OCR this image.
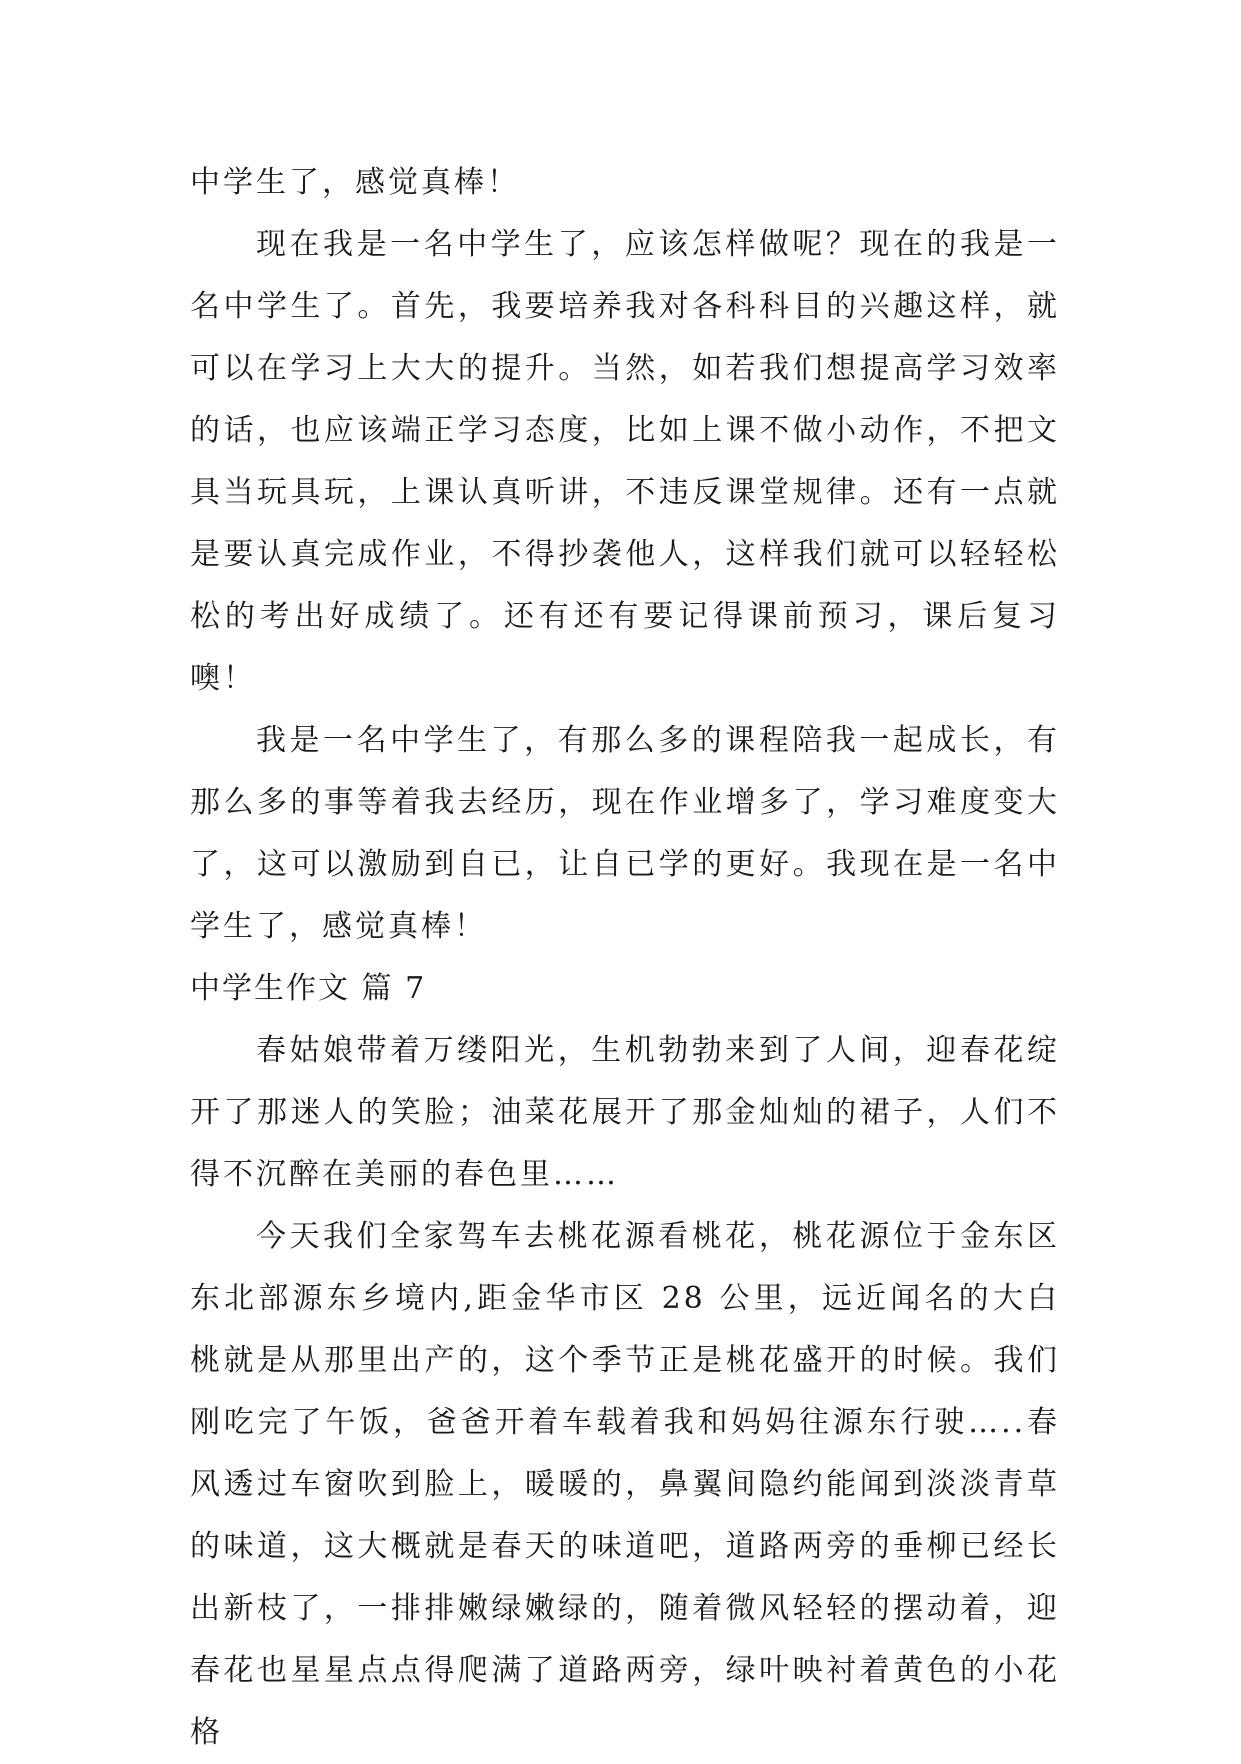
中学生了，感觉真棒！

现在我是一名中学生了，应该怎样做呢？现在的我是一名中学生了。首先，我要培养我对各科科目的兴趣这样，就可以在学习上大大的提升。当然，如若我们想提高学习效率的话，也应该端正学习态度，比如上课不做小动作，不把文具当玩具玩，上课认真听讲，不违反课堂规律。还有一点就是要认真完成作业，不得抄袭他人，这样我们就可以轻轻松松的考出好成绩了。还有还有要记得课前预习，课后复习噢！

我是一名中学生了，有那么多的课程陪我一起成长，有那么多的事等着我去经历，现在作业增多了，学习难度变大了，这可以激励到自已，让自已学的更好。我现在是一名中学生了，感觉真棒！

中学生作文 篇 7

春姑娘带着万缕阳光，生机勃勃来到了人间，迎春花绽开了那迷人的笑脸；油菜花展开了那金灿灿的裙子，人们不得不沉醉在美丽的春色里……

今天我们全家驾车去桃花源看桃花，桃花源位于金东区东北部源东乡境内,距金华市区 28 公里，远近闻名的大白桃就是从那里出产的，这个季节正是桃花盛开的时候。我们刚吃完了午饭，爸爸开着车载着我和妈妈往源东行驶…..春风透过车窗吹到脸上，暖暖的，鼻翼间隐约能闻到淡淡青草的味道，这大概就是春天的味道吧，道路两旁的垂柳已经长出新枝了，一排排嫩绿嫩绿的，随着微风轻轻的摆动着，迎春花也星星点点得爬满了道路两旁，绿叶映衬着黄色的小花格
